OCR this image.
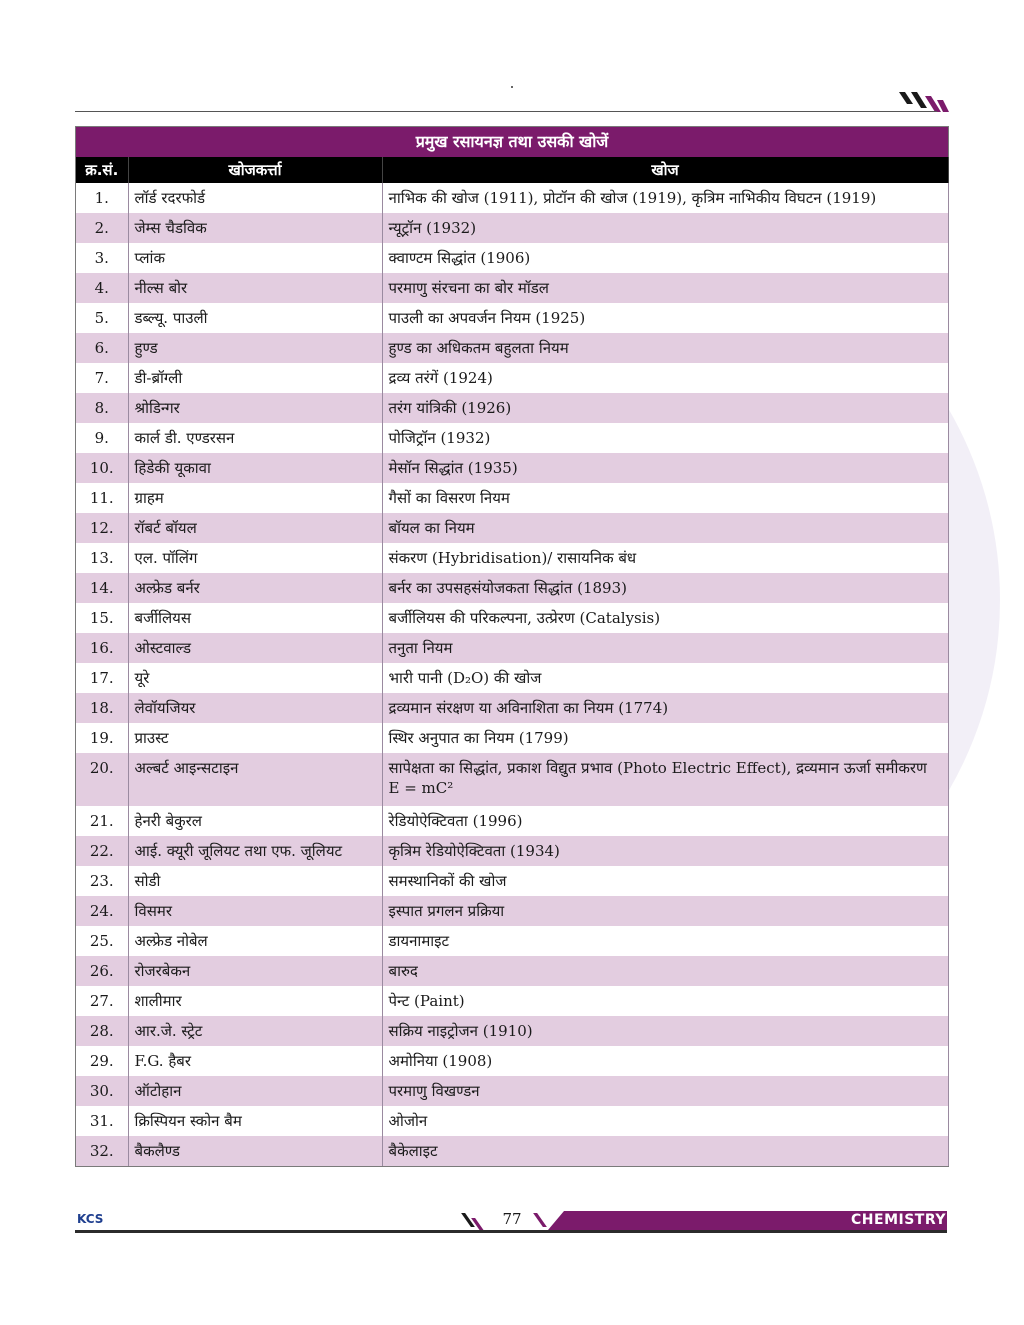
प्रमुख रसायनज्ञ तथा उसकी खोजें
क्र.सं.	खोजकर्त्ता	खोज
1.	लॉर्ड रदरफोर्ड	नाभिक की खोज (1911), प्रोटॉन की खोज (1919), कृत्रिम नाभिकीय विघटन (1919)
2.	जेम्स चैडविक	न्यूट्रॉन (1932)
3.	प्लांक	क्वाण्टम सिद्धांत (1906)
4.	नील्स बोर	परमाणु संरचना का बोर मॉडल
5.	डब्ल्यू. पाउली	पाउली का अपवर्जन नियम (1925)
6.	हुण्ड	हुण्ड का अधिकतम बहुलता नियम
7.	डी-ब्रॉग्ली	द्रव्य तरंगें (1924)
8.	श्रोडिन्गर	तरंग यांत्रिकी (1926)
9.	कार्ल डी. एण्डरसन	पोजिट्रॉन (1932)
10.	हिडेकी यूकावा	मेसॉन सिद्धांत (1935)
11.	ग्राहम	गैसों का विसरण नियम
12.	रॉबर्ट बॉयल	बॉयल का नियम
13.	एल. पॉलिंग	संकरण (Hybridisation)/ रासायनिक बंध
14.	अल्फ्रेड बर्नर	बर्नर का उपसहसंयोजकता सिद्धांत (1893)
15.	बर्जीलियस	बर्जीलियस की परिकल्पना, उत्प्रेरण (Catalysis)
16.	ओस्टवाल्ड	तनुता नियम
17.	यूरे	भारी पानी (D₂O) की खोज
18.	लेवॉयजियर	द्रव्यमान संरक्षण या अविनाशिता का नियम (1774)
19.	प्राउस्ट	स्थिर अनुपात का नियम (1799)
20.	अल्बर्ट आइन्सटाइन	सापेक्षता का सिद्धांत, प्रकाश विद्युत प्रभाव (Photo Electric Effect), द्रव्यमान ऊर्जा समीकरण E = mC²
21.	हेनरी बेकुरल	रेडियोऐक्टिवता (1996)
22.	आई. क्यूरी जूलियट तथा एफ. जूलियट	कृत्रिम रेडियोऐक्टिवता (1934)
23.	सोडी	समस्थानिकों की खोज
24.	विसमर	इस्पात प्रगलन प्रक्रिया
25.	अल्फ्रेड नोबेल	डायनामाइट
26.	रोजरबेकन	बारुद
27.	शालीमार	पेन्ट (Paint)
28.	आर.जे. स्ट्रेट	सक्रिय नाइट्रोजन (1910)
29.	F.G. हैबर	अमोनिया (1908)
30.	ऑटोहान	परमाणु विखण्डन
31.	क्रिस्पियन स्कोन बैम	ओजोन
32.	बैकलैण्ड	बैकेलाइट
KCS	77	CHEMISTRY
